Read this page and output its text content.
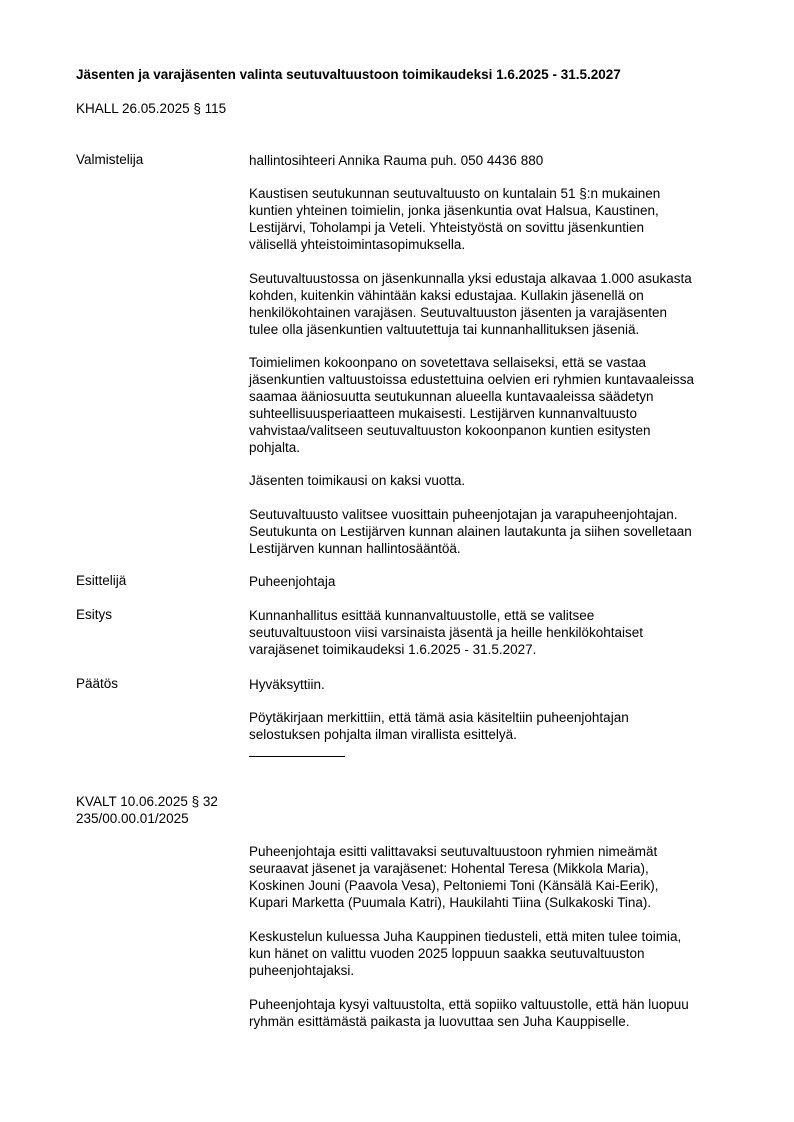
Jäsenten ja varajäsenten valinta seutuvaltuustoon toimikaudeksi 1.6.2025 - 31.5.2027
KHALL 26.05.2025 § 115
Valmistelija	hallintosihteeri Annika Rauma puh. 050 4436 880
Kaustisen seutukunnan seutuvaltuusto on kuntalain 51 §:n mukainen
kuntien yhteinen toimielin, jonka jäsenkuntia ovat Halsua, Kaustinen,
Lestijärvi, Toholampi ja Veteli. Yhteistyöstä on sovittu jäsenkuntien
välisellä yhteistoimintasopimuksella.
Seutuvaltuustossa on jäsenkunnalla yksi edustaja alkavaa 1.000 asukasta
kohden, kuitenkin vähintään kaksi edustajaa. Kullakin jäsenellä on
henkilökohtainen varajäsen. Seutuvaltuuston jäsenten ja varajäsenten
tulee olla jäsenkuntien valtuutettuja tai kunnanhallituksen jäseniä.
Toimielimen kokoonpano on sovetettava sellaiseksi, että se vastaa
jäsenkuntien valtuustoissa edustettuina oelvien eri ryhmien kuntavaaleissa
saamaa ääniosuutta seutukunnan alueella kuntavaaleissa säädetyn
suhteellisuusperiaatteen mukaisesti. Lestijärven kunnanvaltuusto
vahvistaa/valitseen seutuvaltuuston kokoonpanon kuntien esitysten
pohjalta.
Jäsenten toimikausi on kaksi vuotta.
Seutuvaltuusto valitsee vuosittain puheenjotajan ja varapuheenjohtajan.
Seutukunta on Lestijärven kunnan alainen lautakunta ja siihen sovelletaan
Lestijärven kunnan hallintosääntöä.
Esittelijä	Puheenjohtaja
Esitys	Kunnanhallitus esittää kunnanvaltuustolle, että se valitsee
seutuvaltuustoon viisi varsinaista jäsentä ja heille henkilökohtaiset
varajäsenet toimikaudeksi 1.6.2025 - 31.5.2027.
Päätös	Hyväksyttiin.
Pöytäkirjaan merkittiin, että tämä asia käsiteltiin puheenjohtajan
selostuksen pohjalta ilman virallista esittelyä.
KVALT 10.06.2025 § 32
235/00.00.01/2025
Puheenjohtaja esitti valittavaksi seutuvaltuustoon ryhmien nimeämät
seuraavat jäsenet ja varajäsenet: Hohental Teresa (Mikkola Maria),
Koskinen Jouni (Paavola Vesa), Peltoniemi Toni (Känsälä Kai-Eerik),
Kupari Marketta (Puumala Katri), Haukilahti Tiina (Sulkakoski Tina).
Keskustelun kuluessa Juha Kauppinen tiedusteli, että miten tulee toimia,
kun hänet on valittu vuoden 2025 loppuun saakka seutuvaltuuston
puheenjohtajaksi.
Puheenjohtaja kysyi valtuustolta, että sopiiko valtuustolle, että hän luopuu
ryhmän esittämästä paikasta ja luovuttaa sen Juha Kauppiselle.
